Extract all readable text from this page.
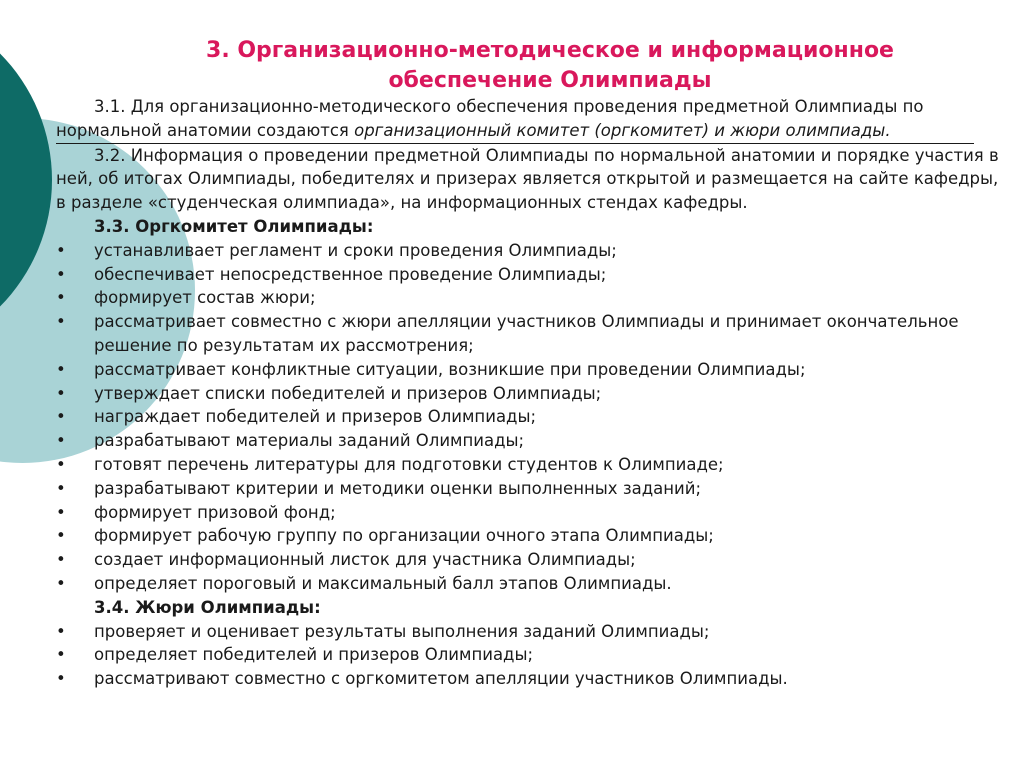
3. Организационно-методическое и информационное
обеспечение Олимпиады

3.1. Для организационно-методического обеспечения проведения предметной Олимпиады по нормальной анатомии создаются организационный комитет (оргкомитет) и жюри олимпиады.

3.2. Информация о проведении предметной Олимпиады по нормальной анатомии и порядке участия в ней, об итогах Олимпиады, победителях и призерах является открытой и размещается на сайте кафедры, в разделе «студенческая олимпиада», на информационных стендах кафедры.

3.3. Оргкомитет Олимпиады:

•	устанавливает регламент и сроки проведения Олимпиады;
•	обеспечивает непосредственное проведение Олимпиады;
•	формирует состав жюри;
•	рассматривает совместно с жюри апелляции участников Олимпиады и принимает окончательное решение по результатам их рассмотрения;
•	рассматривает конфликтные ситуации, возникшие при проведении Олимпиады;
•	утверждает списки победителей и призеров Олимпиады;
•	награждает победителей и призеров Олимпиады;
•	разрабатывают материалы заданий Олимпиады;
•	готовят перечень литературы для подготовки студентов к Олимпиаде;
•	разрабатывают критерии и методики оценки выполненных заданий;
•	формирует призовой фонд;
•	формирует рабочую группу по организации очного этапа Олимпиады;
•	создает информационный листок для участника Олимпиады;
•	определяет пороговый и максимальный балл этапов Олимпиады.

3.4. Жюри Олимпиады:

•	проверяет и оценивает результаты выполнения заданий Олимпиады;
•	определяет победителей и призеров Олимпиады;
•	рассматривают совместно с оргкомитетом апелляции участников Олимпиады.
